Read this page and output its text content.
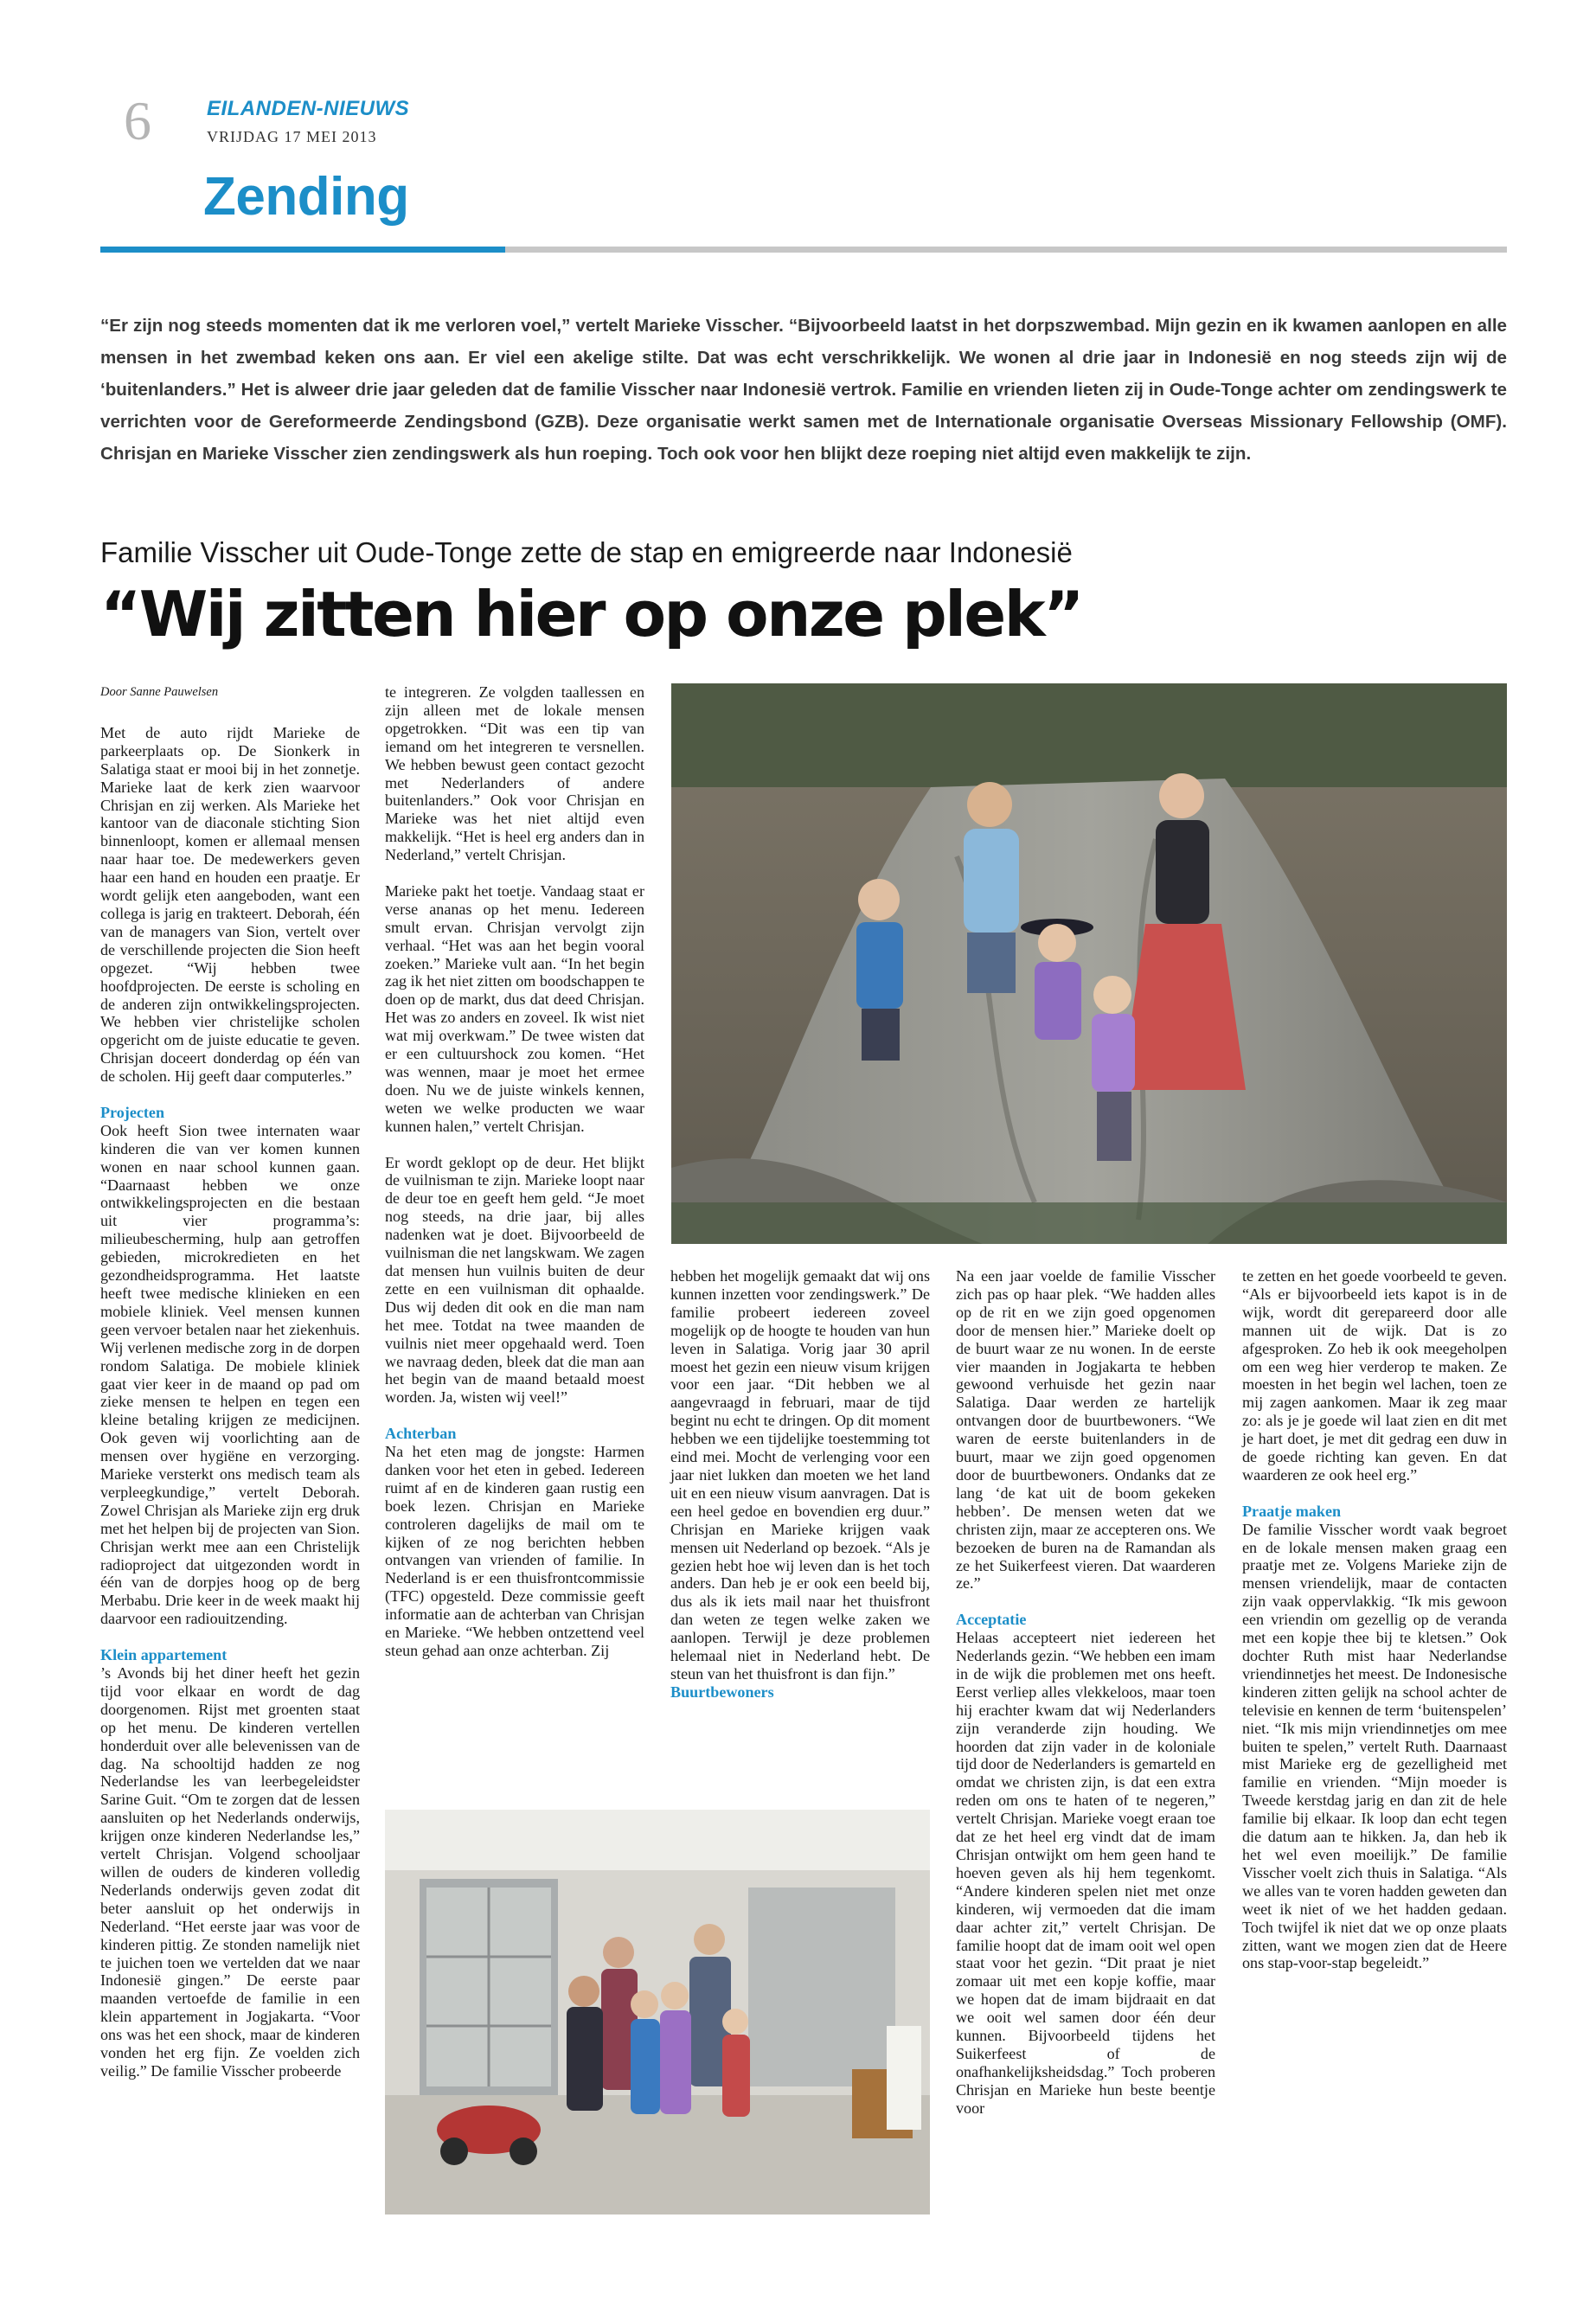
6	EILANDEN-NIEUWS
VRIJDAG 17 MEI 2013
Zending
“Er zijn nog steeds momenten dat ik me verloren voel,” vertelt Marieke Visscher. “Bijvoorbeeld laatst in het dorpszwembad. Mijn gezin en ik kwamen aanlopen en alle mensen in het zwembad keken ons aan. Er viel een akelige stilte. Dat was echt verschrikkelijk. We wonen al drie jaar in Indonesië en nog steeds zijn wij de ‘buitenlanders.” Het is alweer drie jaar geleden dat de familie Visscher naar Indonesië vertrok. Familie en vrienden lieten zij in Oude-Tonge achter om zendingswerk te verrichten voor de Gereformeerde Zendingsbond (GZB). Deze organisatie werkt samen met de Internationale organisatie Overseas Missionary Fellowship (OMF). Chrisjan en Marieke Visscher zien zendingswerk als hun roeping. Toch ook voor hen blijkt deze roeping niet altijd even makkelijk te zijn.
Familie Visscher uit Oude-Tonge zette de stap en emigreerde naar Indonesië
“Wij zitten hier op onze plek”

Door Sanne Pauwelsen

Met de auto rijdt Marieke de parkeerplaats op. De Sionkerk in Salatiga staat er mooi bij in het zonnetje. Marieke laat de kerk zien waarvoor Chrisjan en zij werken. Als Marieke het kantoor van de diaconale stichting Sion binnenloopt, komen er allemaal mensen naar haar toe. De medewerkers geven haar een hand en houden een praatje. Er wordt gelijk eten aangeboden, want een collega is jarig en trakteert. Deborah, één van de managers van Sion, vertelt over de verschillende projecten die Sion heeft opgezet. “Wij hebben twee hoofdprojecten. De eerste is scholing en de anderen zijn ontwikkelingsprojecten. We hebben vier christelijke scholen opgericht om de juiste educatie te geven. Chrisjan doceert donderdag op één van de scholen. Hij geeft daar computerles.”

Projecten

Ook heeft Sion twee internaten waar kinderen die van ver komen kunnen wonen en naar school kunnen gaan. “Daarnaast hebben we onze ontwikkelingsprojecten en die bestaan uit vier programma’s: milieubescherming, hulp aan getroffen gebieden, microkredieten en het gezondheidsprogramma. Het laatste heeft twee medische klinieken en een mobiele kliniek. Veel mensen kunnen geen vervoer betalen naar het ziekenhuis. Wij verlenen medische zorg in de dorpen rondom Salatiga. De mobiele kliniek gaat vier keer in de maand op pad om zieke mensen te helpen en tegen een kleine betaling krijgen ze medicijnen. Ook geven wij voorlichting aan de mensen over hygiëne en verzorging. Marieke versterkt ons medisch team als verpleegkundige,” vertelt Deborah. Zowel Chrisjan als Marieke zijn erg druk met het helpen bij de projecten van Sion. Chrisjan werkt mee aan een Christelijk radioproject dat uitgezonden wordt in één van de dorpjes hoog op de berg Merbabu. Drie keer in de week maakt hij daarvoor een radiouitzending.

Klein appartement

’s Avonds bij het diner heeft het gezin tijd voor elkaar en wordt de dag doorgenomen. Rijst met groenten staat op het menu. De kinderen vertellen honderduit over alle belevenissen van de dag. Na schooltijd hadden ze nog Nederlandse les van leerbegeleidster Sarine Guit. “Om te zorgen dat de lessen aansluiten op het Nederlands onderwijs, krijgen onze kinderen Nederlandse les,” vertelt Chrisjan. Volgend schooljaar willen de ouders de kinderen volledig Nederlands onderwijs geven zodat dit beter aansluit op het onderwijs in Nederland. “Het eerste jaar was voor de kinderen pittig. Ze stonden namelijk niet te juichen toen we vertelden dat we naar Indonesië gingen.” De eerste paar maanden vertoefde de familie in een klein appartement in Jogjakarta. “Voor ons was het een shock, maar de kinderen vonden het erg fijn. Ze voelden zich veilig.” De familie Visscher probeerde

te integreren. Ze volgden taallessen en zijn alleen met de lokale mensen opgetrokken. “Dit was een tip van iemand om het integreren te versnellen. We hebben bewust geen contact gezocht met Nederlanders of andere buitenlanders.” Ook voor Chrisjan en Marieke was het niet altijd even makkelijk. “Het is heel erg anders dan in Nederland,” vertelt Chrisjan.

Marieke pakt het toetje. Vandaag staat er verse ananas op het menu. Iedereen smult ervan. Chrisjan vervolgt zijn verhaal. “Het was aan het begin vooral zoeken.” Marieke vult aan. “In het begin zag ik het niet zitten om boodschappen te doen op de markt, dus dat deed Chrisjan. Het was zo anders en zoveel. Ik wist niet wat mij overkwam.” De twee wisten dat er een cultuurshock zou komen. “Het was wennen, maar je moet het ermee doen. Nu we de juiste winkels kennen, weten we welke producten we waar kunnen halen,” vertelt Chrisjan.

Er wordt geklopt op de deur. Het blijkt de vuilnisman te zijn. Marieke loopt naar de deur toe en geeft hem geld. “Je moet nog steeds, na drie jaar, bij alles nadenken wat je doet. Bijvoorbeeld de vuilnisman die net langskwam. We zagen dat mensen hun vuilnis buiten de deur zette en een vuilnisman dit ophaalde. Dus wij deden dit ook en die man nam het mee. Totdat na twee maanden de vuilnis niet meer opgehaald werd. Toen we navraag deden, bleek dat die man aan het begin van de maand betaald moest worden. Ja, wisten wij veel!”

Achterban

Na het eten mag de jongste: Harmen danken voor het eten in gebed. Iedereen ruimt af en de kinderen gaan rustig een boek lezen. Chrisjan en Marieke controleren dagelijks de mail om te kijken of ze nog berichten hebben ontvangen van vrienden of familie. In Nederland is er een thuisfrontcommissie (TFC) opgesteld. Deze commissie geeft informatie aan de achterban van Chrisjan en Marieke. “We hebben ontzettend veel steun gehad aan onze achterban. Zij

hebben het mogelijk gemaakt dat wij ons kunnen inzetten voor zendingswerk.” De familie probeert iedereen zoveel mogelijk op de hoogte te houden van hun leven in Salatiga. Vorig jaar 30 april moest het gezin een nieuw visum krijgen voor een jaar. “Dit hebben we al aangevraagd in februari, maar de tijd begint nu echt te dringen. Op dit moment hebben we een tijdelijke toestemming tot eind mei. Mocht de verlenging voor een jaar niet lukken dan moeten we het land uit en een nieuw visum aanvragen. Dat is een heel gedoe en bovendien erg duur.” Chrisjan en Marieke krijgen vaak mensen uit Nederland op bezoek. “Als je gezien hebt hoe wij leven dan is het toch anders. Dan heb je er ook een beeld bij, dus als ik iets mail naar het thuisfront dan weten ze tegen welke zaken we aanlopen. Terwijl je deze problemen helemaal niet in Nederland hebt. De steun van het thuisfront is dan fijn.”

Buurtbewoners

Na een jaar voelde de familie Visscher zich pas op haar plek. “We hadden alles op de rit en we zijn goed opgenomen door de mensen hier.” Marieke doelt op de buurt waar ze nu wonen. In de eerste vier maanden in Jogjakarta te hebben gewoond verhuisde het gezin naar Salatiga. Daar werden ze hartelijk ontvangen door de buurtbewoners. “We waren de eerste buitenlanders in de buurt, maar we zijn goed opgenomen door de buurtbewoners. Ondanks dat ze lang ‘de kat uit de boom gekeken hebben’. De mensen weten dat we christen zijn, maar ze accepteren ons. We bezoeken de buren na de Ramandan als ze het Suikerfeest vieren. Dat waarderen ze.”

Acceptatie

Helaas accepteert niet iedereen het Nederlands gezin. “We hebben een imam in de wijk die problemen met ons heeft. Eerst verliep alles vlekkeloos, maar toen hij erachter kwam dat wij Nederlanders zijn veranderde zijn houding. We hoorden dat zijn vader in de koloniale tijd door de Nederlanders is gemarteld en omdat we christen zijn, is dat een extra reden om ons te haten of te negeren,” vertelt Chrisjan. Marieke voegt eraan toe dat ze het heel erg vindt dat de imam Chrisjan ontwijkt om hem geen hand te hoeven geven als hij hem tegenkomt. “Andere kinderen spelen niet met onze kinderen, wij vermoeden dat die imam daar achter zit,” vertelt Chrisjan. De familie hoopt dat de imam ooit wel open staat voor het gezin. “Dit praat je niet zomaar uit met een kopje koffie, maar we hopen dat de imam bijdraait en dat we ooit wel samen door één deur kunnen. Bijvoorbeeld tijdens het Suikerfeest of de onafhankelijksheidsdag.” Toch proberen Chrisjan en Marieke hun beste beentje voor

te zetten en het goede voorbeeld te geven. “Als er bijvoorbeeld iets kapot is in de wijk, wordt dit gerepareerd door alle mannen uit de wijk. Dat is zo afgesproken. Zo heb ik ook meegeholpen om een weg hier verderop te maken. Ze moesten in het begin wel lachen, toen ze mij zagen aankomen. Maar ik zeg maar zo: als je je goede wil laat zien en dit met je hart doet, je met dit gedrag een duw in de goede richting kan geven. En dat waarderen ze ook heel erg.”

Praatje maken

De familie Visscher wordt vaak begroet en de lokale mensen maken graag een praatje met ze. Volgens Marieke zijn de mensen vriendelijk, maar de contacten zijn vaak oppervlakkig. “Ik mis gewoon een vriendin om gezellig op de veranda met een kopje thee bij te kletsen.” Ook dochter Ruth mist haar Nederlandse vriendinnetjes het meest. De Indonesische kinderen zitten gelijk na school achter de televisie en kennen de term ‘buitenspelen’ niet. “Ik mis mijn vriendinnetjes om mee buiten te spelen,” vertelt Ruth. Daarnaast mist Marieke erg de gezelligheid met familie en vrienden. “Mijn moeder is Tweede kerstdag jarig en dan zit de hele familie bij elkaar. Ik loop dan echt tegen die datum aan te hikken. Ja, dan heb ik het wel even moeilijk.” De familie Visscher voelt zich thuis in Salatiga. “Als we alles van te voren hadden geweten dan weet ik niet of we het hadden gedaan. Toch twijfel ik niet dat we op onze plaats zitten, want we mogen zien dat de Heere ons stap-voor-stap begeleidt.”
